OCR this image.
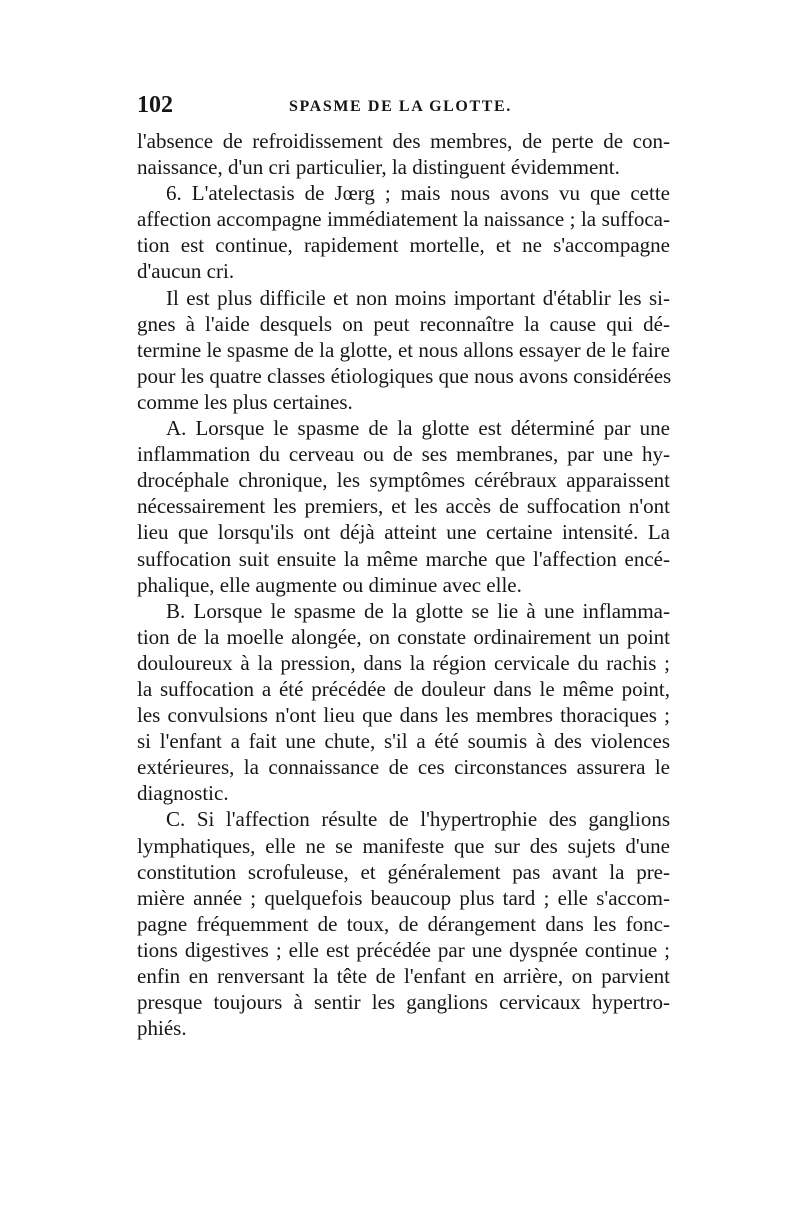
102	SPASME DE LA GLOTTE.
l'absence de refroidissement des membres, de perte de con-
naissance, d'un cri particulier, la distinguent évidemment.
6. L'atelectasis de Jœrg ; mais nous avons vu que cette
affection accompagne immédiatement la naissance ; la suffoca-
tion est continue, rapidement mortelle, et ne s'accompagne
d'aucun cri.
Il est plus difficile et non moins important d'établir les si-
gnes à l'aide desquels on peut reconnaître la cause qui dé-
termine le spasme de la glotte, et nous allons essayer de le faire
pour les quatre classes étiologiques que nous avons considérées
comme les plus certaines.
A. Lorsque le spasme de la glotte est déterminé par une
inflammation du cerveau ou de ses membranes, par une hy-
drocéphale chronique, les symptômes cérébraux apparaissent
nécessairement les premiers, et les accès de suffocation n'ont
lieu que lorsqu'ils ont déjà atteint une certaine intensité. La
suffocation suit ensuite la même marche que l'affection encé-
phalique, elle augmente ou diminue avec elle.
B. Lorsque le spasme de la glotte se lie à une inflamma-
tion de la moelle alongée, on constate ordinairement un point
douloureux à la pression, dans la région cervicale du rachis ;
la suffocation a été précédée de douleur dans le même point,
les convulsions n'ont lieu que dans les membres thoraciques ;
si l'enfant a fait une chute, s'il a été soumis à des violences
extérieures, la connaissance de ces circonstances assurera le
diagnostic.
C. Si l'affection résulte de l'hypertrophie des ganglions
lymphatiques, elle ne se manifeste que sur des sujets d'une
constitution scrofuleuse, et généralement pas avant la pre-
mière année ; quelquefois beaucoup plus tard ; elle s'accom-
pagne fréquemment de toux, de dérangement dans les fonc-
tions digestives ; elle est précédée par une dyspnée continue ;
enfin en renversant la tête de l'enfant en arrière, on parvient
presque toujours à sentir les ganglions cervicaux hypertro-
phiés.
